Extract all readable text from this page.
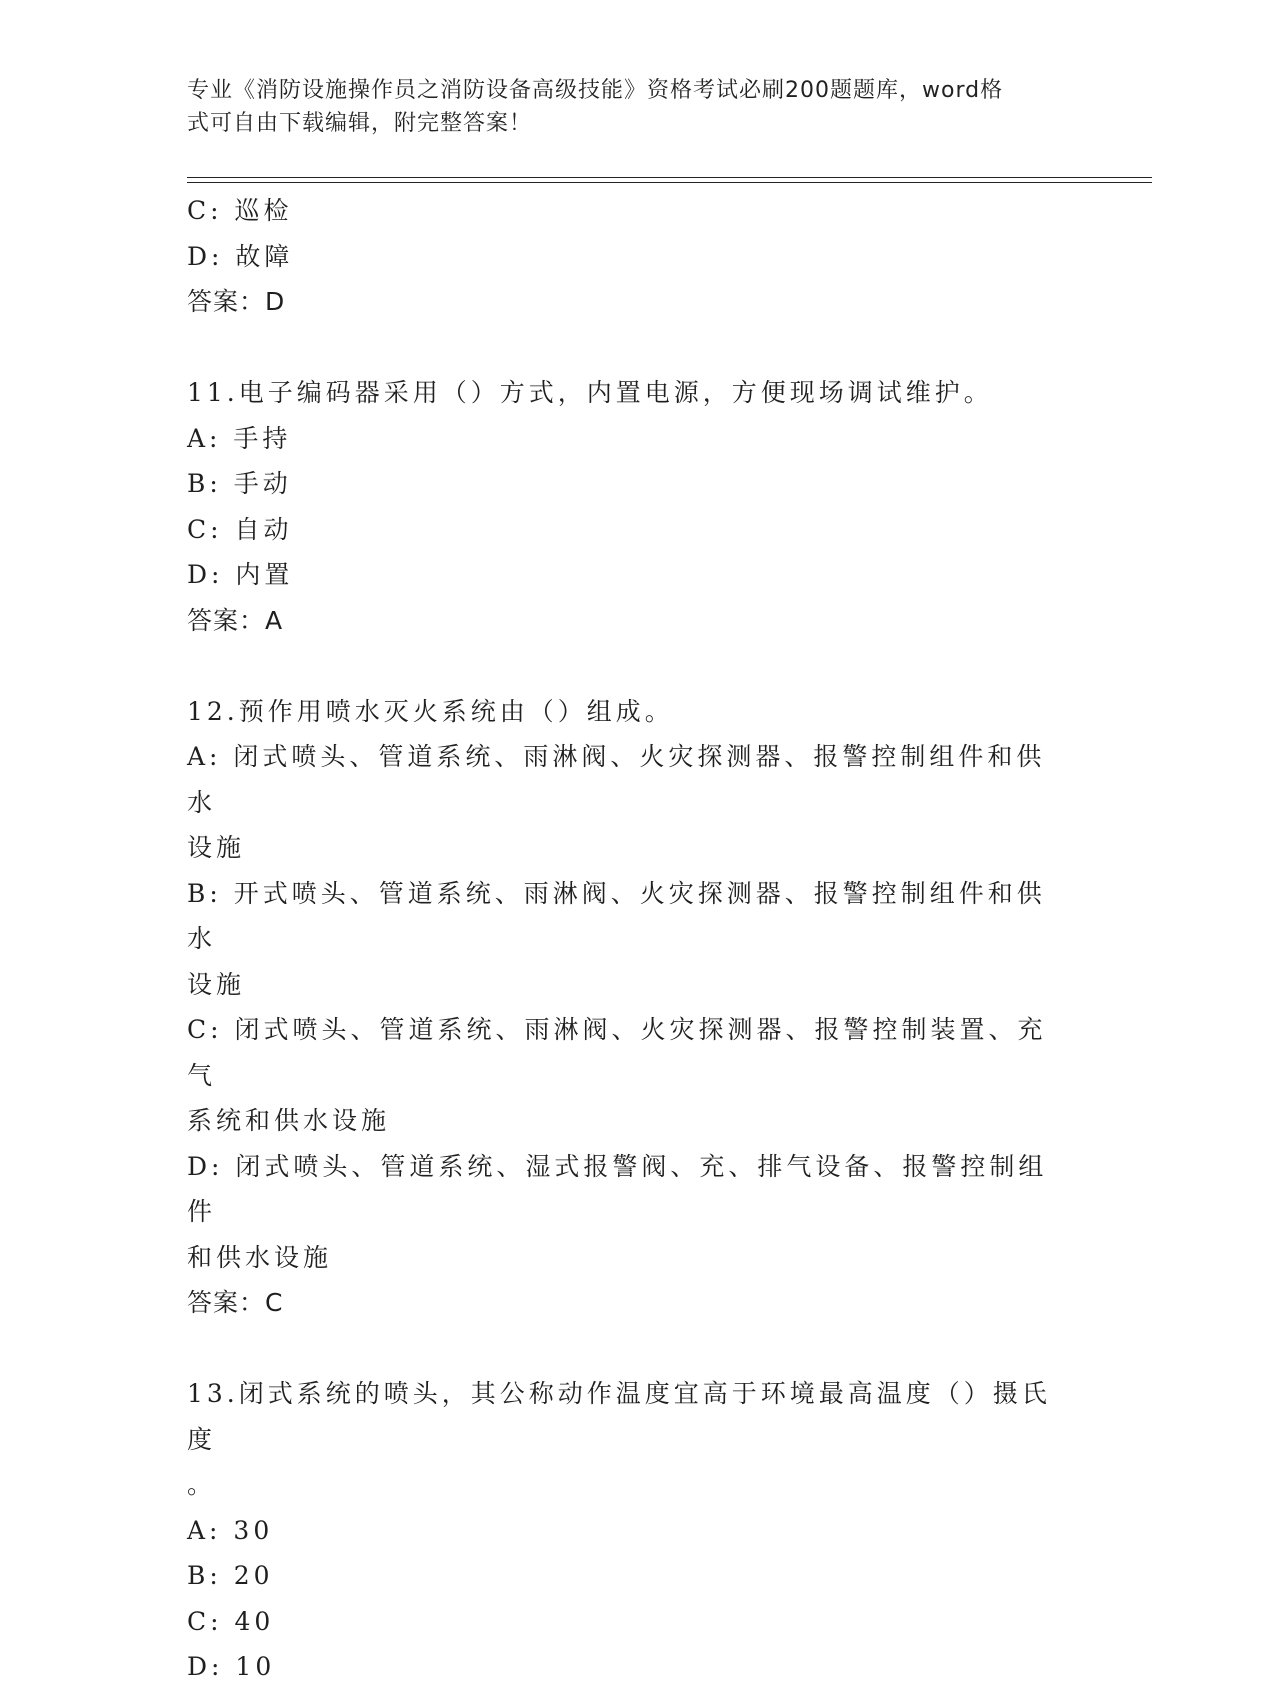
专业《消防设施操作员之消防设备高级技能》资格考试必刷200题题库，word格
式可自由下载编辑，附完整答案！
C: 巡检
D: 故障
答案：D
11.电子编码器采用（）方式，内置电源，方便现场调试维护。
A: 手持
B: 手动
C: 自动
D: 内置
答案：A
12.预作用喷水灭火系统由（）组成。
A: 闭式喷头、管道系统、雨淋阀、火灾探测器、报警控制组件和供水
设施
B: 开式喷头、管道系统、雨淋阀、火灾探测器、报警控制组件和供水
设施
C: 闭式喷头、管道系统、雨淋阀、火灾探测器、报警控制装置、充气
系统和供水设施
D: 闭式喷头、管道系统、湿式报警阀、充、排气设备、报警控制组件
和供水设施
答案：C
13.闭式系统的喷头，其公称动作温度宜高于环境最高温度（）摄氏度
。
A: 30
B: 20
C: 40
D: 10
